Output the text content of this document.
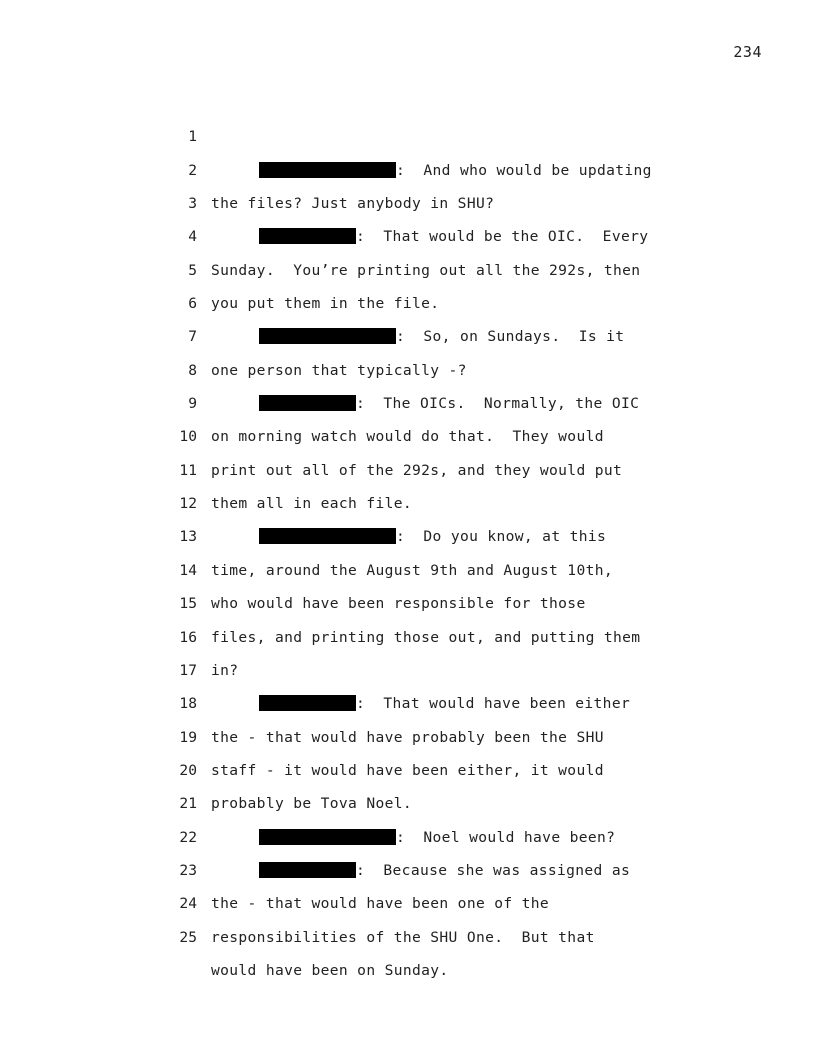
234

1

:  And who would be updating

2

the files? Just anybody in SHU?

3

:  That would be the OIC.  Every

4

Sunday.  You’re printing out all the 292s, then

5

you put them in the file.

6

:  So, on Sundays.  Is it

7

one person that typically -?

8

:  The OICs.  Normally, the OIC

9

on morning watch would do that.  They would

10

print out all of the 292s, and they would put

11

them all in each file.

12

:  Do you know, at this

13

time, around the August 9th and August 10th,

14

who would have been responsible for those

15

files, and printing those out, and putting them

16

in?

17

:  That would have been either

18

the - that would have probably been the SHU

19

staff - it would have been either, it would

20

probably be Tova Noel.

21

:  Noel would have been?

22

:  Because she was assigned as

23

the - that would have been one of the

24

responsibilities of the SHU One.  But that

25

would have been on Sunday.
